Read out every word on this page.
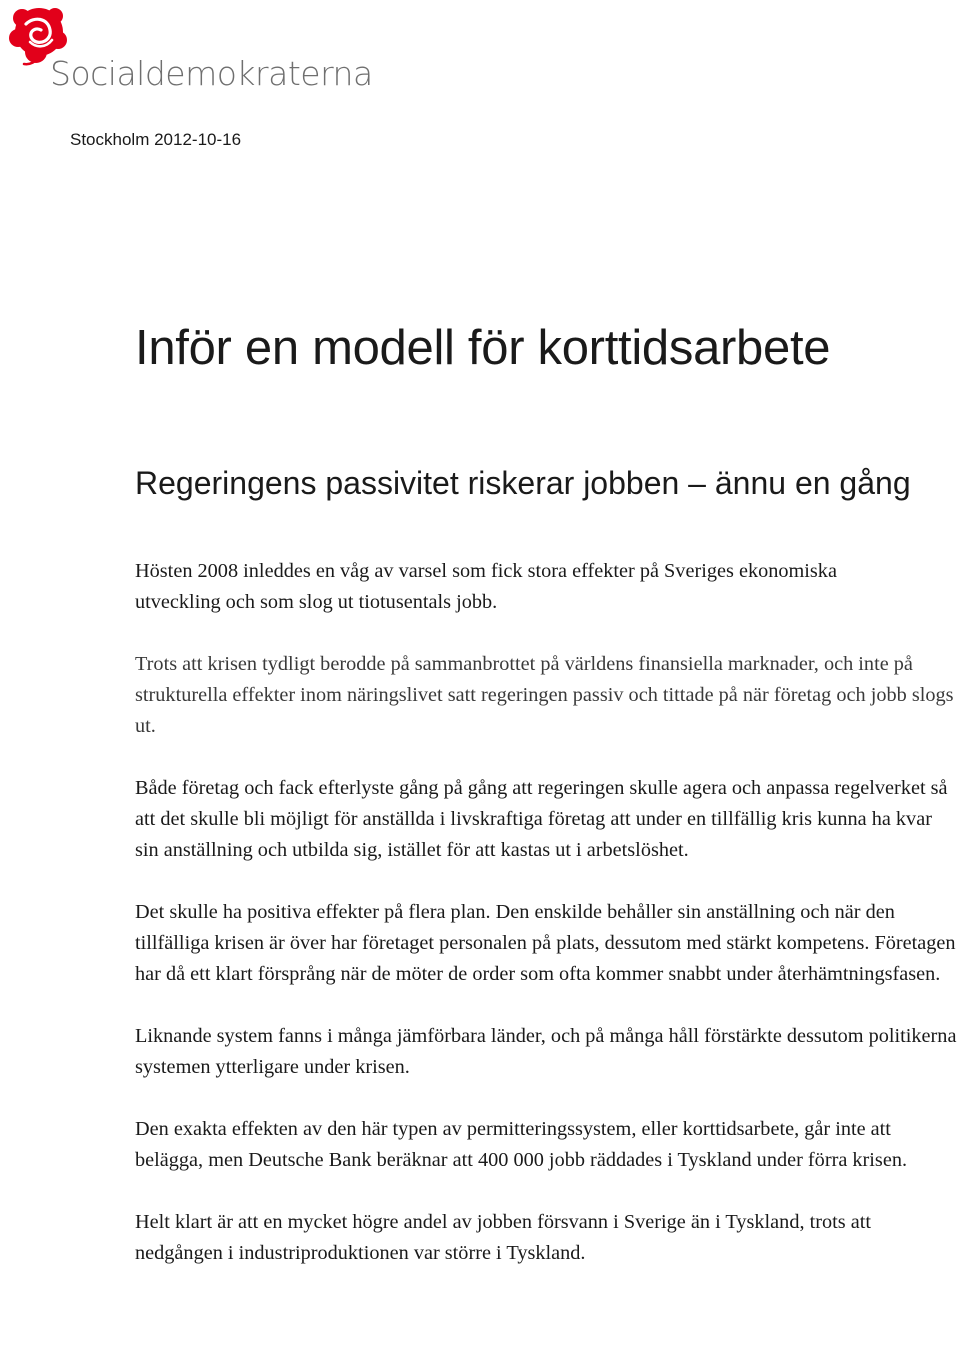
Socialdemokraterna
Stockholm 2012-10-16
Inför en modell för korttidsarbete
Regeringens passivitet riskerar jobben – ännu en gång

Hösten 2008 inleddes en våg av varsel som fick stora effekter på Sveriges ekonomiska utveckling och som slog ut tiotusentals jobb.

Trots att krisen tydligt berodde på sammanbrottet på världens finansiella marknader, och inte på strukturella effekter inom näringslivet satt regeringen passiv och tittade på när företag och jobb slogs ut.

Både företag och fack efterlyste gång på gång att regeringen skulle agera och anpassa regelverket så att det skulle bli möjligt för anställda i livskraftiga företag att under en tillfällig kris kunna ha kvar sin anställning och utbilda sig, istället för att kastas ut i arbetslöshet.

Det skulle ha positiva effekter på flera plan. Den enskilde behåller sin anställning och när den tillfälliga krisen är över har företaget personalen på plats, dessutom med stärkt kompetens. Företagen har då ett klart försprång när de möter de order som ofta kommer snabbt under återhämtningsfasen.

Liknande system fanns i många jämförbara länder, och på många håll förstärkte dessutom politikerna systemen ytterligare under krisen.

Den exakta effekten av den här typen av permitteringssystem, eller korttidsarbete, går inte att belägga, men Deutsche Bank beräknar att 400 000 jobb räddades i Tyskland under förra krisen.

Helt klart är att en mycket högre andel av jobben försvann i Sverige än i Tyskland, trots att nedgången i industriproduktionen var större i Tyskland.
